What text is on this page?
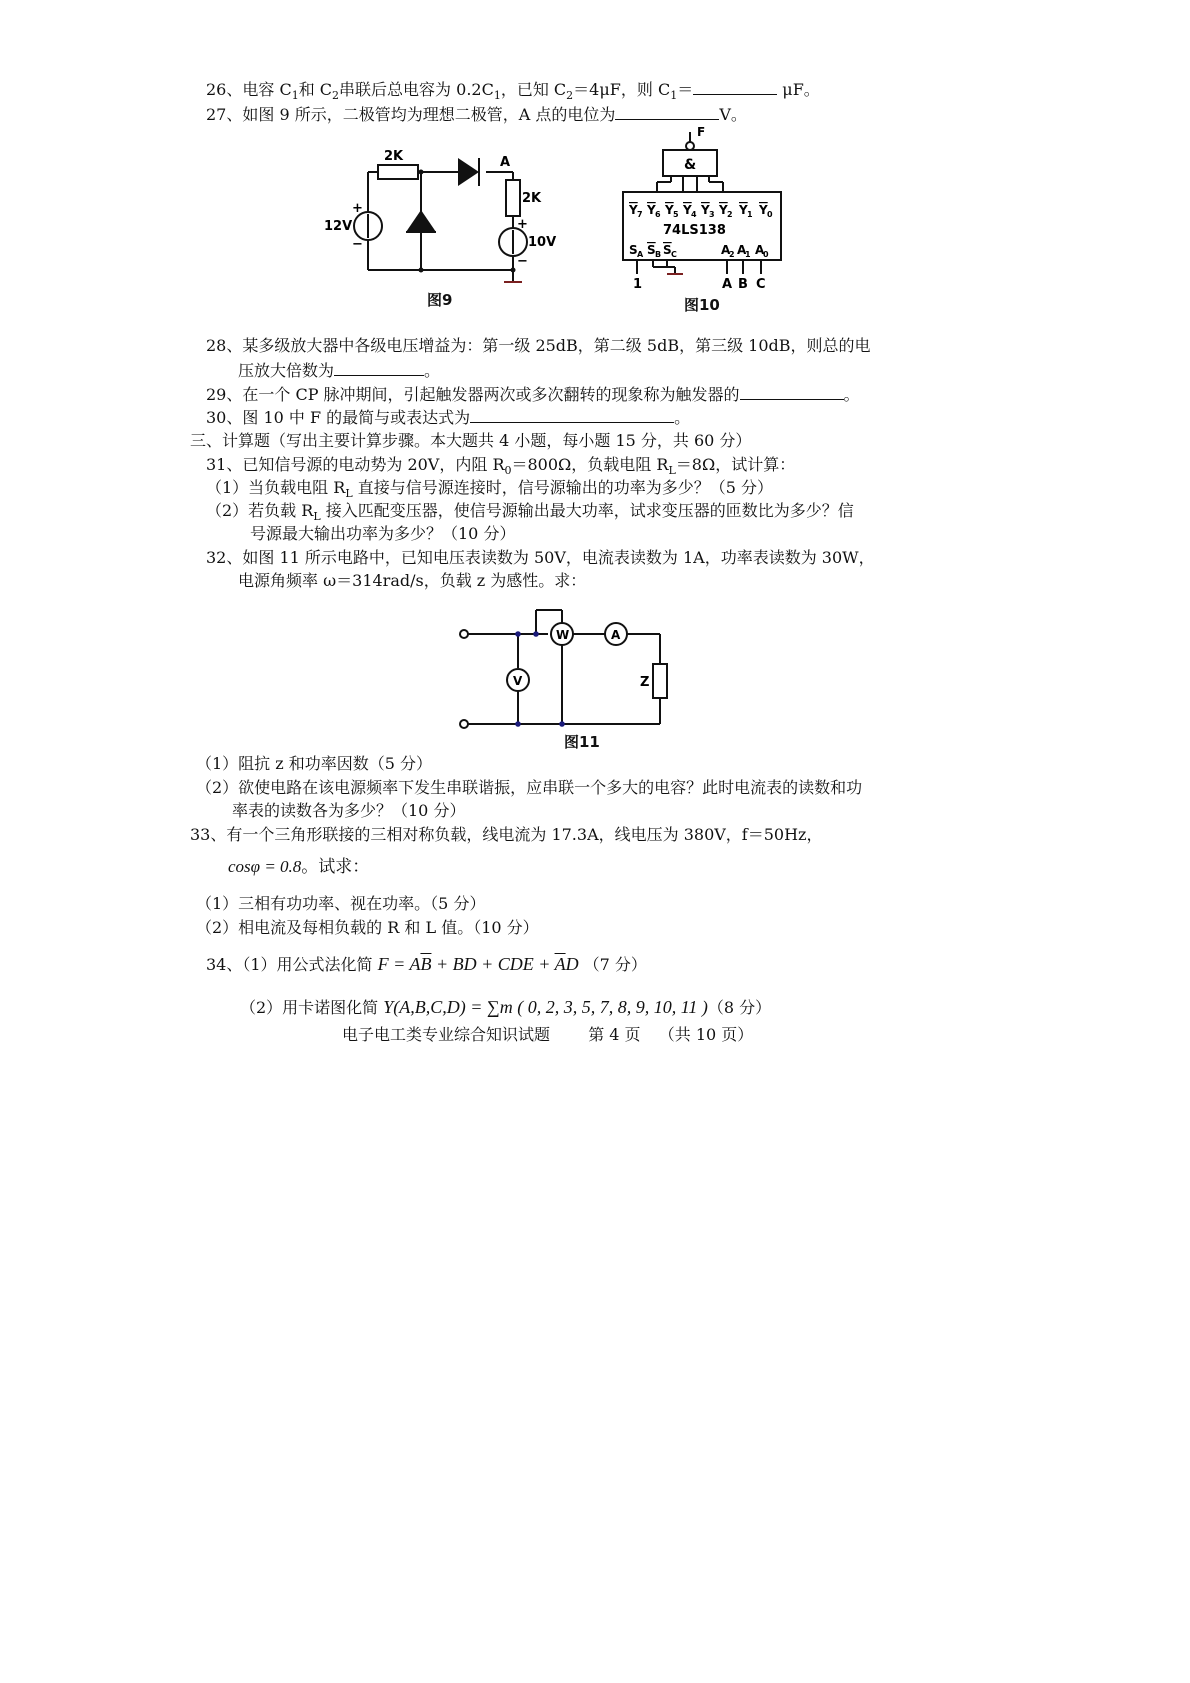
26、电容 $C_1$和 $C_2$串联后总电容为 $0.2C_1$，已知 $C_2=4\mu F$，则 $C_1=$	μF。
27、如图 9 所示，二极管均为理想二极管，A 点的电位为	V。
2K	A
2K
12V
+
−	10V
+
−
图9
F
&
Y 7 Y 6 Y 5 Y 4 Y 3 Y 2 Y 1 Y 0
74LS138
S A S B S C	A
2 A
1 A
0
1	A B C
图10
28、某多级放大器中各级电压增益为：第一级 25dB，第二级 5dB，第三级 10dB，则总的电
压放大倍数为	。
29、在一个 CP 脉冲期间，引起触发器两次或多次翻转的现象称为触发器的	。
30、图 10 中 F 的最简与或表达式为	。
三、计算题（写出主要计算步骤。本大题共 4 小题，每小题 15 分，共 60 分）
31、已知信号源的电动势为 20V，内阻 $R_0=800\Omega$，负载电阻 $R_L=8\Omega$，试计算：
（1）当负载电阻 $R_L$ 直接与信号源连接时，信号源输出的功率为多少？（5 分）
（2）若负载 $R_L$ 接入匹配变压器，使信号源输出最大功率，试求变压器的匝数比为多少？信
号源最大输出功率为多少？（10 分）
32、如图 11 所示电路中，已知电压表读数为 50V，电流表读数为 1A，功率表读数为 30W，
电源角频率 ω＝314rad/s，负载 z 为感性。求：
W	A
V	Z
图11
（1）阻抗 z 和功率因数（5 分）
（2）欲使电路在该电源频率下发生串联谐振，应串联一个多大的电容？此时电流表的读数和功
率表的读数各为多少？（10 分）
33、有一个三角形联接的三相对称负载，线电流为 17.3A，线电压为 380V，f＝50Hz，
cosφ = 0.8。试求：
（1）三相有功功率、视在功率。（5 分）
（2）相电流及每相负载的 R 和 L 值。（10 分）
34、（1）用公式法化简 $F = A\overline{B}$ + BD + CDE + $\overline{A}D$ （7 分）
（2）用卡诺图化简 Y(A,B,C,D) = ∑m ( 0, 2, 3, 5, 7, 8, 9, 10, 11 )（8 分）
电子电工类专业综合知识试题 第 4 页 （共 10 页）
